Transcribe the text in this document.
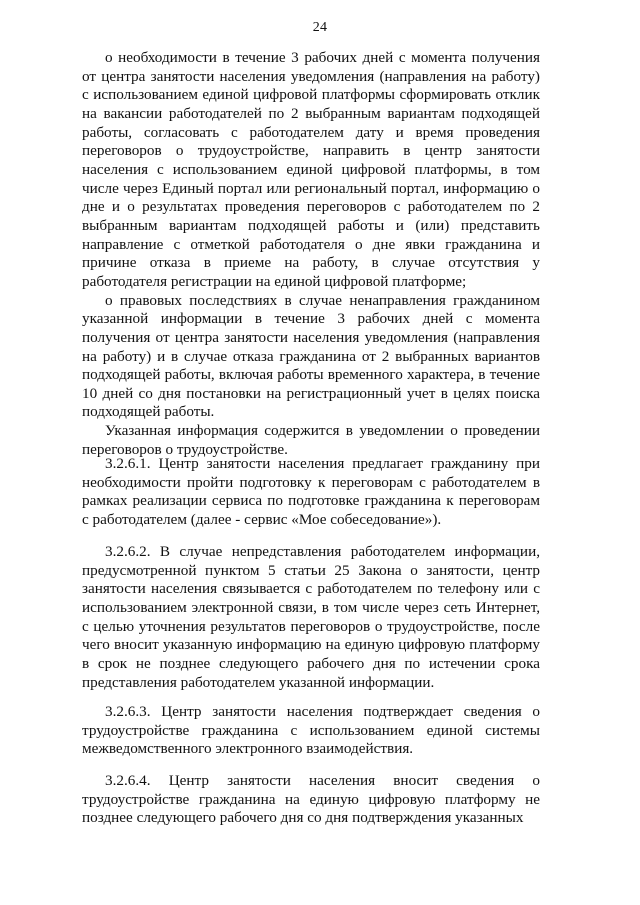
24

о необходимости в течение 3 рабочих дней с момента получения от центра занятости населения уведомления (направления на работу) с использованием единой цифровой платформы сформировать отклик на вакансии работодателей по 2 выбранным вариантам подходящей работы, согласовать с работодателем дату и время проведения переговоров о трудоустройстве, направить в центр занятости населения с использованием единой цифровой платформы, в том числе через Единый портал или региональный портал, информацию о дне и о результатах проведения переговоров с работодателем по 2 выбранным вариантам подходящей работы и (или) представить направление с отметкой работодателя о дне явки гражданина и причине отказа в приеме на работу, в случае отсутствия у работодателя регистрации на единой цифровой платформе;

о правовых последствиях в случае ненаправления гражданином указанной информации в течение 3 рабочих дней с момента получения от центра занятости населения уведомления (направления на работу) и в случае отказа гражданина от 2 выбранных вариантов подходящей работы, включая работы временного характера, в течение 10 дней со дня постановки на регистрационный учет в целях поиска подходящей работы.

Указанная информация содержится в уведомлении о проведении переговоров о трудоустройстве.

3.2.6.1. Центр занятости населения предлагает гражданину при необходимости пройти подготовку к переговорам с работодателем в рамках реализации сервиса по подготовке гражданина к переговорам с работодателем (далее - сервис «Мое собеседование»).

3.2.6.2. В случае непредставления работодателем информации, предусмотренной пунктом 5 статьи 25 Закона о занятости, центр занятости населения связывается с работодателем по телефону или с использованием электронной связи, в том числе через сеть Интернет, с целью уточнения результатов переговоров о трудоустройстве, после чего вносит указанную информацию на единую цифровую платформу в срок не позднее следующего рабочего дня по истечении срока представления работодателем указанной информации.

3.2.6.3. Центр занятости населения подтверждает сведения о трудоустройстве гражданина с использованием единой системы межведомственного электронного взаимодействия.

3.2.6.4. Центр занятости населения вносит сведения о трудоустройстве гражданина на единую цифровую платформу не позднее следующего рабочего дня со дня подтверждения указанных
